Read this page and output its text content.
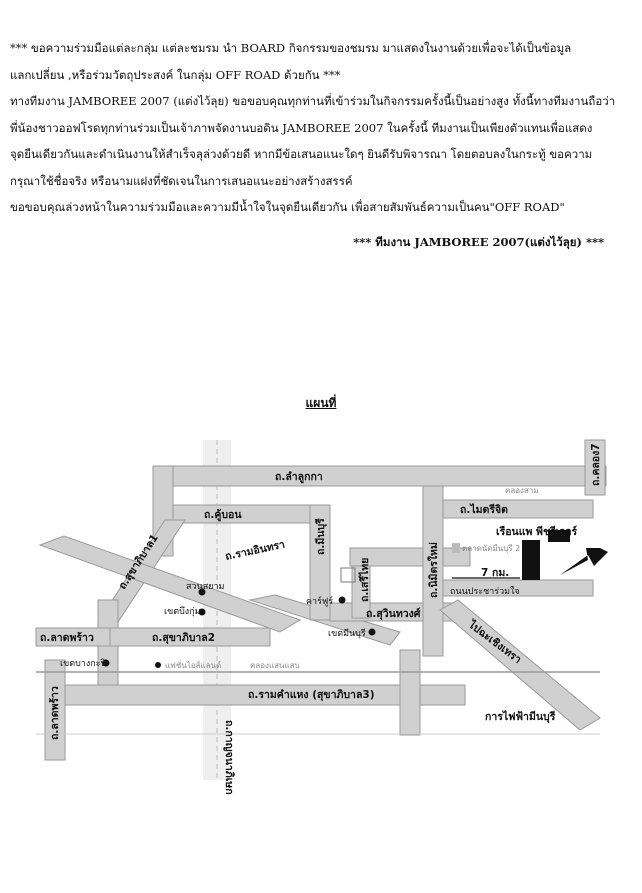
*** ขอความร่วมมือแต่ละกลุ่ม แต่ละชมรม นำ BOARD กิจกรรมของชมรม มาแสดงในงานด้วยเพื่อจะได้เป็นข้อมูล
แลกเปลี่ยน ,หรือร่วมวัตถุประสงค์ ในกลุ่ม OFF ROAD ด้วยกัน ***
ทางทีมงาน JAMBOREE 2007 (แต่งไว้ลุย) ขอขอบคุณทุกท่านที่เข้าร่วมในกิจกรรมครั้งนี้เป็นอย่างสูง ทั้งนี้ทางทีมงานถือว่า
พี่น้องชาวออฟโรดทุกท่านร่วมเป็นเจ้าภาพจัดงานบอดิน JAMBOREE 2007 ในครั้งนี้ ทีมงานเป็นเพียงตัวแทนเพื่อแสดง
จุดยืนเดียวกันและดำเนินงานให้สำเร็จลุล่วงด้วยดี หากมีข้อเสนอแนะใดๆ ยินดีรับพิจารณา โดยตอบลงในกระทู้ ขอความ
กรุณาใช้ชื่อจริง หรือนามแฝงที่ชัดเจนในการเสนอแนะอย่างสร้างสรรค์
ขอขอบคุณล่วงหน้าในความร่วมมือและความมีน้ำใจในจุดยืนเดียวกัน เพื่อสายสัมพันธ์ความเป็นคน"OFF ROAD"
*** ทีมงาน JAMBOREE 2007(แต่งไว้ลุย) ***
แผนที่
ถ.ลำลูกกา
ถ.คู้บอน
ถ.รามอินทรา
ถ.สุขาภิบาล1
ถ.ลาดพร้าว	ถ.สุขาภิบาล2
ถ.มีนบุรี
ถ.สุวินทวงศ์
ถ.นิมิตรใหม่
ถ.ไมตรีจิต
ถ.คลอง7
ถ.เสรีไทย
ถ.รามคำแหง (สุขาภิบาล3)
ถ.ลาดพร้าว
ถนนประชาร่วมใจ
ไปฉะเชิงเทรา
การไฟฟ้ามีนบุรี
ถ.กาญจนาภิเษก
สวนสยาม
เขตบึงกุ่ม
เขตบางกะปิ	แฟชั่นไอส์แลนด์
คาร์ฟูร์
เขตมีนบุรี
เรือนแพ พีชรีเวอร์
7 กม.
ตลาดนัดมีนบุรี 2
คลองสาม
คลองแสนแสบ
